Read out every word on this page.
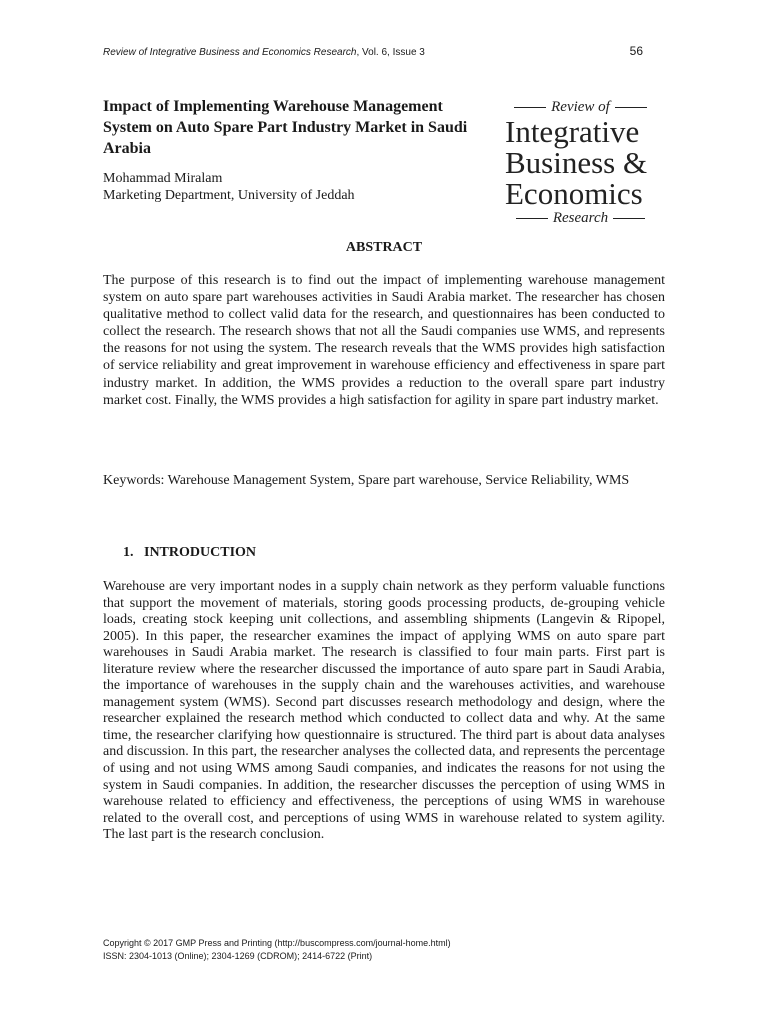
Review of Integrative Business and Economics Research, Vol. 6, Issue 3	56
Impact of Implementing Warehouse Management System on Auto Spare Part Industry Market in Saudi Arabia
Mohammad Miralam
Marketing Department, University of Jeddah
Review of
Integrative
Business &
Economics
Research
ABSTRACT

The purpose of this research is to find out the impact of implementing warehouse management system on auto spare part warehouses activities in Saudi Arabia market. The researcher has chosen qualitative method to collect valid data for the research, and questionnaires has been conducted to collect the research. The research shows that not all the Saudi companies use WMS, and represents the reasons for not using the system. The research reveals that the WMS provides high satisfaction of service reliability and great improvement in warehouse efficiency and effectiveness in spare part industry market. In addition, the WMS provides a reduction to the overall spare part industry market cost. Finally, the WMS provides a high satisfaction for agility in spare part industry market.

Keywords: Warehouse Management System, Spare part warehouse, Service Reliability, WMS

1.   INTRODUCTION

Warehouse are very important nodes in a supply chain network as they perform valuable functions that support the movement of materials, storing goods processing products, de-grouping vehicle loads, creating stock keeping unit collections, and assembling shipments (Langevin & Ripopel, 2005). In this paper, the researcher examines the impact of applying WMS on auto spare part warehouses in Saudi Arabia market. The research is classified to four main parts. First part is literature review where the researcher discussed the importance of auto spare part in Saudi Arabia, the importance of warehouses in the supply chain and the warehouses activities, and warehouse management system (WMS). Second part discusses research methodology and design, where the researcher explained the research method which conducted to collect data and why. At the same time, the researcher clarifying how questionnaire is structured. The third part is about data analyses and discussion. In this part, the researcher analyses the collected data, and represents the percentage of using and not using WMS among Saudi companies, and indicates the reasons for not using the system in Saudi companies. In addition, the researcher discusses the perception of using WMS in warehouse related to efficiency and effectiveness, the perceptions of using WMS in warehouse related to the overall cost, and perceptions of using WMS in warehouse related to system agility. The last part is the research conclusion.

Copyright © 2017 GMP Press and Printing (http://buscompress.com/journal-home.html)
ISSN: 2304-1013 (Online); 2304-1269 (CDROM); 2414-6722 (Print)
